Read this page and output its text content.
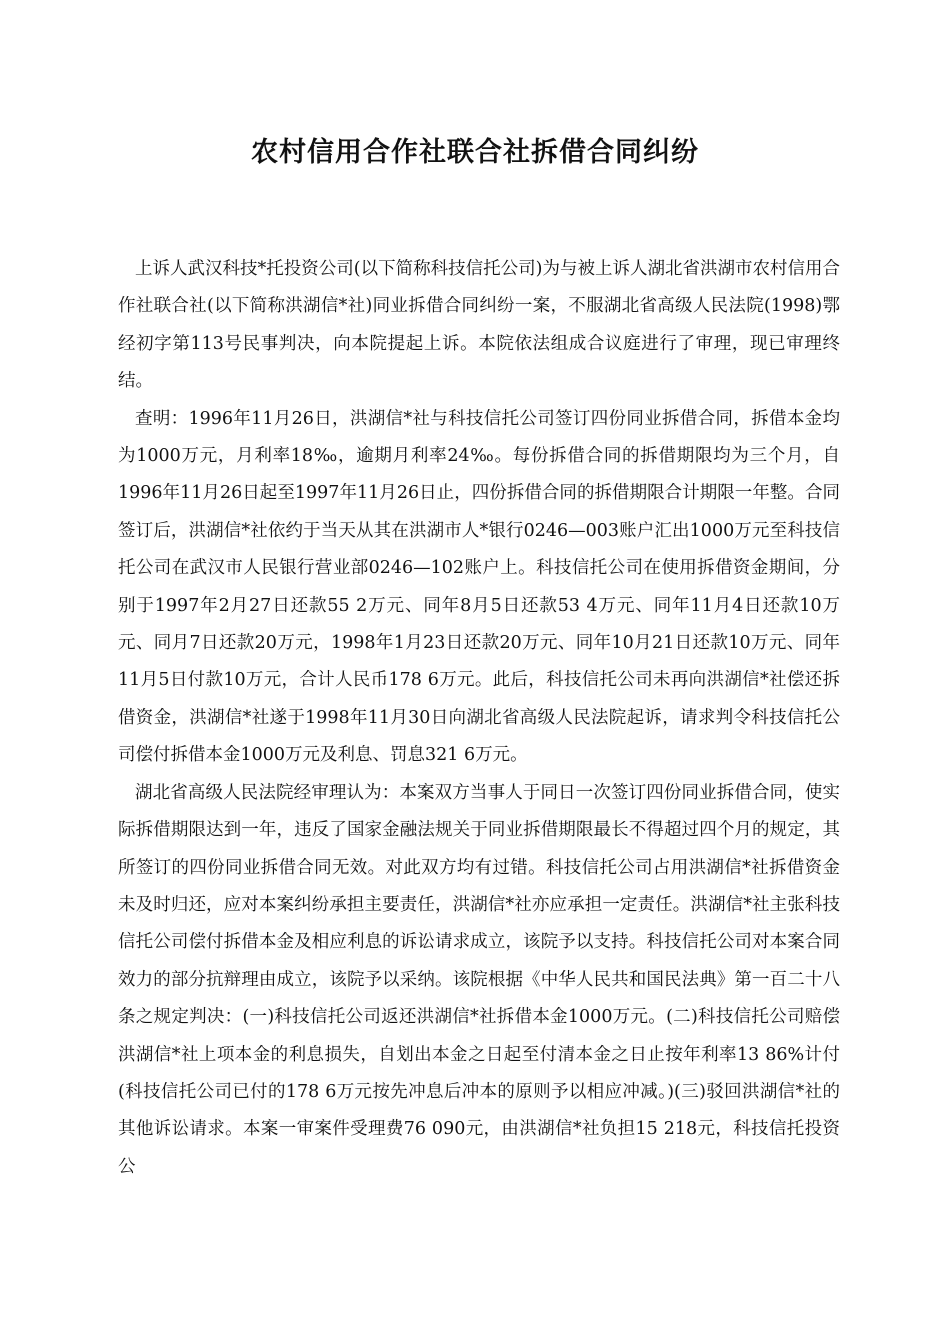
农村信用合作社联合社拆借合同纠纷

上诉人武汉科技*托投资公司(以下简称科技信托公司)为与被上诉人湖北省洪湖市农村信用合作社联合社(以下简称洪湖信*社)同业拆借合同纠纷一案，不服湖北省高级人民法院(1998)鄂经初字第113号民事判决，向本院提起上诉。本院依法组成合议庭进行了审理，现已审理终结。

查明：1996年11月26日，洪湖信*社与科技信托公司签订四份同业拆借合同，拆借本金均为1000万元，月利率18‰，逾期月利率24‰。每份拆借合同的拆借期限均为三个月，自1996年11月26日起至1997年11月26日止，四份拆借合同的拆借期限合计期限一年整。合同签订后，洪湖信*社依约于当天从其在洪湖市人*银行0246—003账户汇出1000万元至科技信托公司在武汉市人民银行营业部0246—102账户上。科技信托公司在使用拆借资金期间，分别于1997年2月27日还款55 2万元、同年8月5日还款53 4万元、同年11月4日还款10万元、同月7日还款20万元，1998年1月23日还款20万元、同年10月21日还款10万元、同年11月5日付款10万元，合计人民币178 6万元。此后，科技信托公司未再向洪湖信*社偿还拆借资金，洪湖信*社遂于1998年11月30日向湖北省高级人民法院起诉，请求判令科技信托公司偿付拆借本金1000万元及利息、罚息321 6万元。

湖北省高级人民法院经审理认为：本案双方当事人于同日一次签订四份同业拆借合同，使实际拆借期限达到一年，违反了国家金融法规关于同业拆借期限最长不得超过四个月的规定，其所签订的四份同业拆借合同无效。对此双方均有过错。科技信托公司占用洪湖信*社拆借资金未及时归还，应对本案纠纷承担主要责任，洪湖信*社亦应承担一定责任。洪湖信*社主张科技信托公司偿付拆借本金及相应利息的诉讼请求成立，该院予以支持。科技信托公司对本案合同效力的部分抗辩理由成立，该院予以采纳。该院根据《中华人民共和国民法典》第一百二十八条之规定判决：(一)科技信托公司返还洪湖信*社拆借本金1000万元。(二)科技信托公司赔偿洪湖信*社上项本金的利息损失，自划出本金之日起至付清本金之日止按年利率13 86%计付(科技信托公司已付的178 6万元按先冲息后冲本的原则予以相应冲减。)(三)驳回洪湖信*社的其他诉讼请求。本案一审案件受理费76 090元，由洪湖信*社负担15 218元，科技信托投资公
